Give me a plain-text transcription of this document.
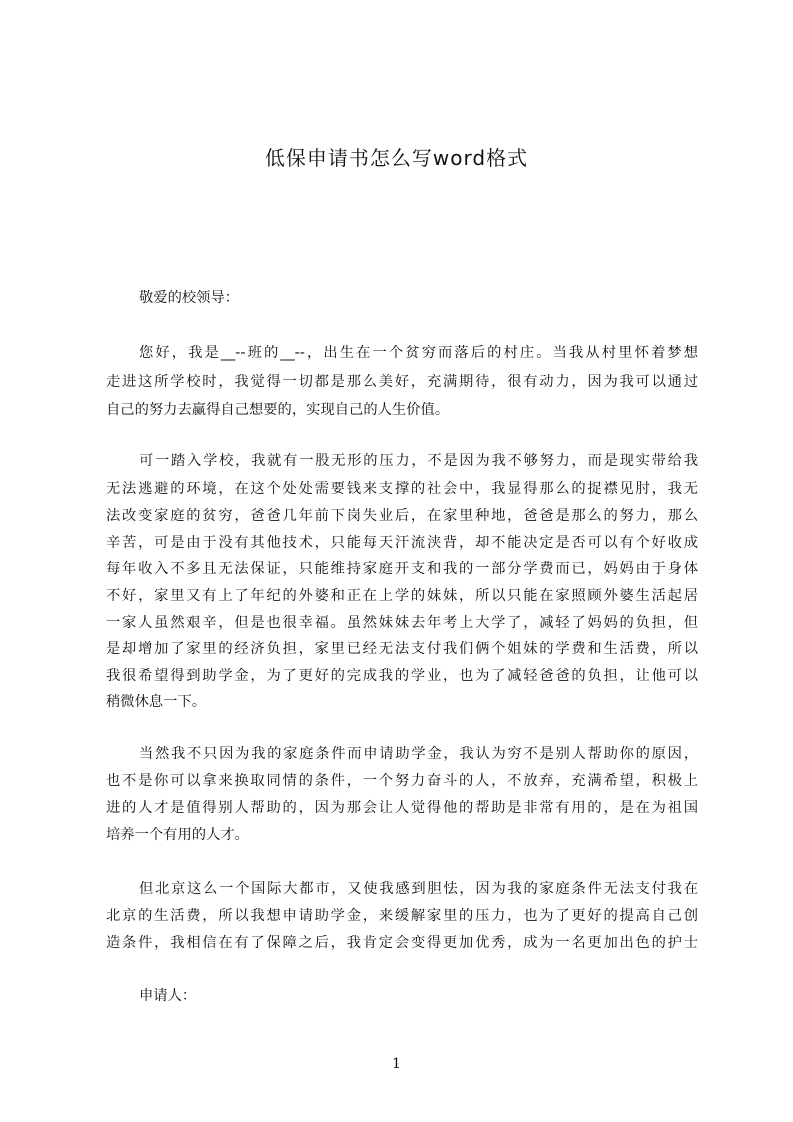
低保申请书怎么写word格式
敬爱的校领导：
您好，我是__--班的__--，出生在一个贫穷而落后的村庄。当我从村里怀着梦想
走进这所学校时，我觉得一切都是那么美好，充满期待，很有动力，因为我可以通过
自己的努力去赢得自己想要的，实现自己的人生价值。
可一踏入学校，我就有一股无形的压力，不是因为我不够努力，而是现实带给我
无法逃避的环境，在这个处处需要钱来支撑的社会中，我显得那么的捉襟见肘，我无
法改变家庭的贫穷，爸爸几年前下岗失业后，在家里种地，爸爸是那么的努力，那么
辛苦，可是由于没有其他技术，只能每天汗流浃背，却不能决定是否可以有个好收成
每年收入不多且无法保证，只能维持家庭开支和我的一部分学费而已，妈妈由于身体
不好，家里又有上了年纪的外婆和正在上学的妹妹，所以只能在家照顾外婆生活起居
一家人虽然艰辛，但是也很幸福。虽然妹妹去年考上大学了，减轻了妈妈的负担，但
是却增加了家里的经济负担，家里已经无法支付我们俩个姐妹的学费和生活费，所以
我很希望得到助学金，为了更好的完成我的学业，也为了减轻爸爸的负担，让他可以
稍微休息一下。
当然我不只因为我的家庭条件而申请助学金，我认为穷不是别人帮助你的原因，
也不是你可以拿来换取同情的条件，一个努力奋斗的人，不放弃，充满希望，积极上
进的人才是值得别人帮助的，因为那会让人觉得他的帮助是非常有用的，是在为祖国
培养一个有用的人才。
但北京这么一个国际大都市，又使我感到胆怯，因为我的家庭条件无法支付我在
北京的生活费，所以我想申请助学金，来缓解家里的压力，也为了更好的提高自己创
造条件，我相信在有了保障之后，我肯定会变得更加优秀，成为一名更加出色的护士
申请人：
1
